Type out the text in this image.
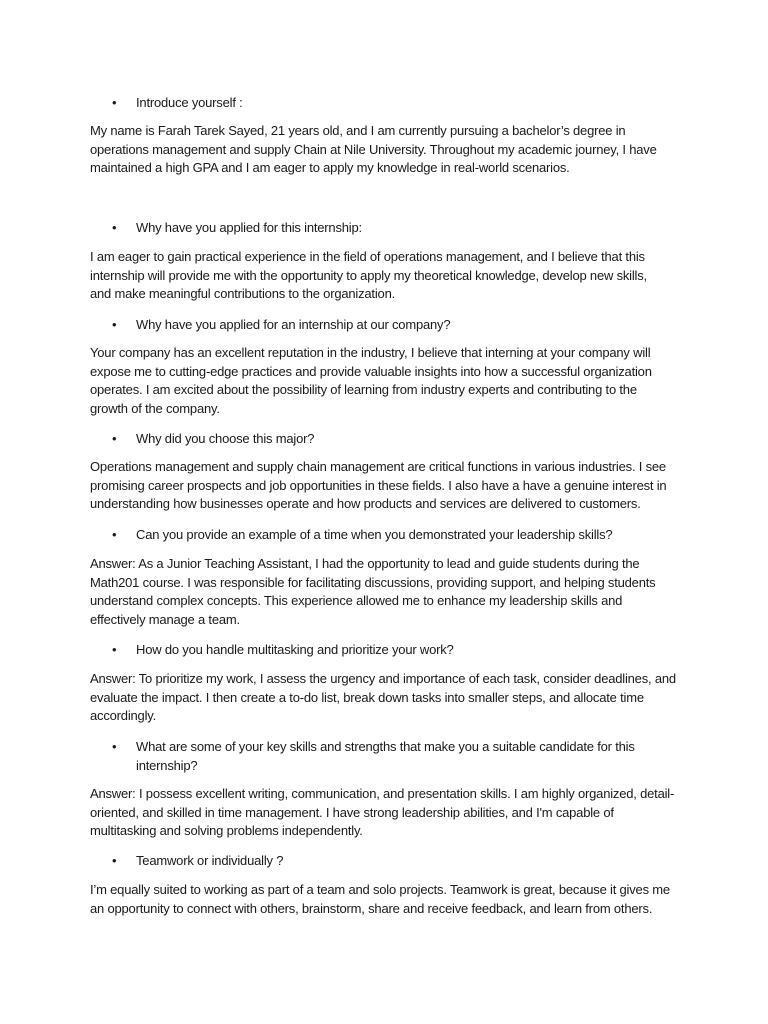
• Introduce yourself :
My name is Farah Tarek Sayed, 21 years old, and I am currently pursuing a bachelor’s degree in
operations management and supply Chain at Nile University. Throughout my academic journey, I have
maintained a high GPA and I am eager to apply my knowledge in real-world scenarios.
• Why have you applied for this internship:
I am eager to gain practical experience in the field of operations management, and I believe that this
internship will provide me with the opportunity to apply my theoretical knowledge, develop new skills,
and make meaningful contributions to the organization.
• Why have you applied for an internship at our company?
Your company has an excellent reputation in the industry, I believe that interning at your company will
expose me to cutting-edge practices and provide valuable insights into how a successful organization
operates. I am excited about the possibility of learning from industry experts and contributing to the
growth of the company.
• Why did you choose this major?
Operations management and supply chain management are critical functions in various industries. I see
promising career prospects and job opportunities in these fields. I also have a have a genuine interest in
understanding how businesses operate and how products and services are delivered to customers.
• Can you provide an example of a time when you demonstrated your leadership skills?
Answer: As a Junior Teaching Assistant, I had the opportunity to lead and guide students during the
Math201 course. I was responsible for facilitating discussions, providing support, and helping students
understand complex concepts. This experience allowed me to enhance my leadership skills and
effectively manage a team.
• How do you handle multitasking and prioritize your work?
Answer: To prioritize my work, I assess the urgency and importance of each task, consider deadlines, and
evaluate the impact. I then create a to-do list, break down tasks into smaller steps, and allocate time
accordingly.
• What are some of your key skills and strengths that make you a suitable candidate for this internship?
Answer: I possess excellent writing, communication, and presentation skills. I am highly organized, detail-
oriented, and skilled in time management. I have strong leadership abilities, and I'm capable of
multitasking and solving problems independently.
• Teamwork or individually ?
I’m equally suited to working as part of a team and solo projects. Teamwork is great, because it gives me
an opportunity to connect with others, brainstorm, share and receive feedback, and learn from others.
